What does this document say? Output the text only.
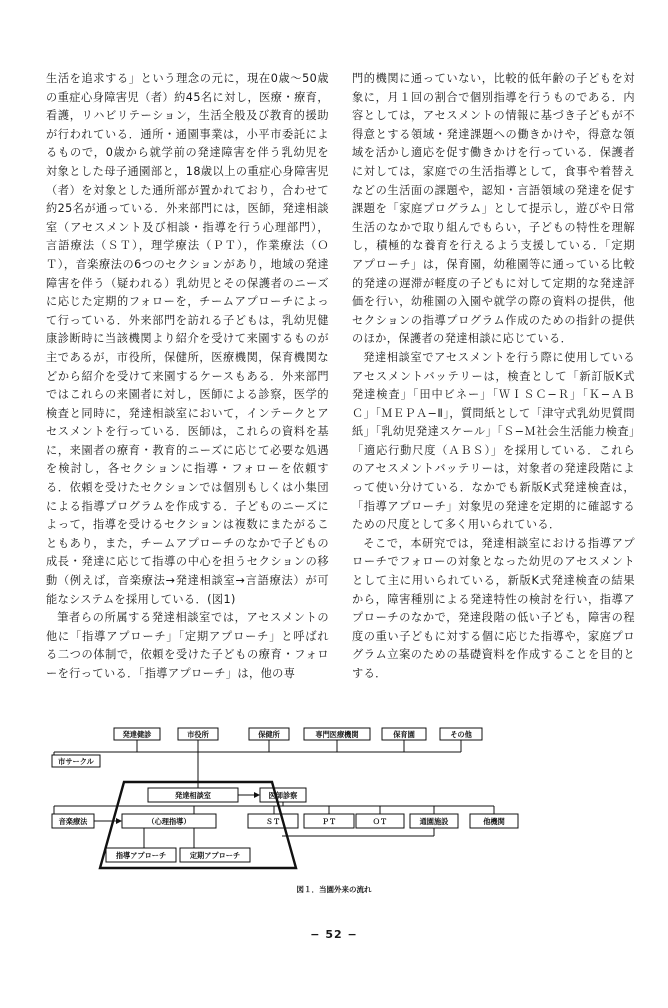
生活を追求する」という理念の元に，現在0歳〜50歳の重症心身障害児（者）約45名に対し，医療・療育，看護，リハビリテーション，生活全般及び教育的援助が行われている．通所・通園事業は，小平市委託によるもので，0歳から就学前の発達障害を伴う乳幼児を対象とした母子通園部と，18歳以上の重症心身障害児（者）を対象とした通所部が置かれており，合わせて約25名が通っている．外来部門には，医師，発達相談室（アセスメント及び相談・指導を行う心理部門），言語療法（ＳＴ），理学療法（ＰＴ），作業療法（ＯＴ），音楽療法の6つのセクションがあり，地域の発達障害を伴う（疑われる）乳幼児とその保護者のニーズに応じた定期的フォローを，チームアプローチによって行っている．外来部門を訪れる子どもは，乳幼児健康診断時に当該機関より紹介を受けて来園するものが主であるが，市役所，保健所，医療機関，保育機関などから紹介を受けて来園するケースもある．外来部門ではこれらの来園者に対し，医師による診察，医学的検査と同時に，発達相談室において，インテークとアセスメントを行っている．医師は，これらの資料を基に，来園者の療育・教育的ニーズに応じて必要な処遇を検討し，各セクションに指導・フォローを依頼する．依頼を受けたセクションでは個別もしくは小集団による指導プログラムを作成する．子どものニーズによって，指導を受けるセクションは複数にまたがることもあり，また，チームアプローチのなかで子どもの成長・発達に応じて指導の中心を担うセクションの移動（例えば，音楽療法→発達相談室→言語療法）が可能なシステムを採用している．(図1)

筆者らの所属する発達相談室では，アセスメントの他に「指導アプローチ」「定期アプローチ」と呼ばれる二つの体制で，依頼を受けた子どもの療育・フォローを行っている．「指導アプローチ」は，他の専

門的機関に通っていない，比較的低年齢の子どもを対象に，月１回の割合で個別指導を行うものである．内容としては，アセスメントの情報に基づき子どもが不得意とする領域・発達課題への働きかけや，得意な領域を活かし適応を促す働きかけを行っている．保護者に対しては，家庭での生活指導として，食事や着替えなどの生活面の課題や，認知・言語領域の発達を促す課題を「家庭プログラム」として提示し，遊びや日常生活のなかで取り組んでもらい，子どもの特性を理解し，積極的な養育を行えるよう支援している．「定期アプローチ」は，保育園，幼稚園等に通っている比較的発達の遅滞が軽度の子どもに対して定期的な発達評価を行い，幼稚園の入園や就学の際の資料の提供，他セクションの指導プログラム作成のための指針の提供のほか，保護者の発達相談に応じている．

発達相談室でアセスメントを行う際に使用しているアセスメントバッテリーは，検査として「新訂版K式発達検査」「田中ビネー」「ＷＩＳＣ−Ｒ」「Ｋ−ＡＢＣ」「ＭＥＰＡ−Ⅱ」，質問紙として「津守式乳幼児質問紙」「乳幼児発達スケール」「Ｓ−Ｍ社会生活能力検査」「適応行動尺度（ＡＢＳ）」を採用している．これらのアセスメントバッテリーは，対象者の発達段階によって使い分けている．なかでも新版K式発達検査は，「指導アプローチ」対象児の発達を定期的に確認するための尺度として多く用いられている．

そこで，本研究では，発達相談室における指導アプローチでフォローの対象となった幼児のアセスメントとして主に用いられている，新版K式発達検査の結果から，障害種別による発達特性の検討を行い，指導アプローチのなかで，発達段階の低い子ども，障害の程度の重い子どもに対する個に応じた指導や，家庭プログラム立案のための基礎資料を作成することを目的とする．

発達健診	市役所	保健所	専門医療機関	保育園	その他
市サークル
発達相談室	医師診察
音楽療法	（心理指導）	ＳＴ	ＰＴ	ＯＴ	通園施設	他機関
指導アプローチ	定期アプローチ
図１．当園外来の流れ
− 52 −
